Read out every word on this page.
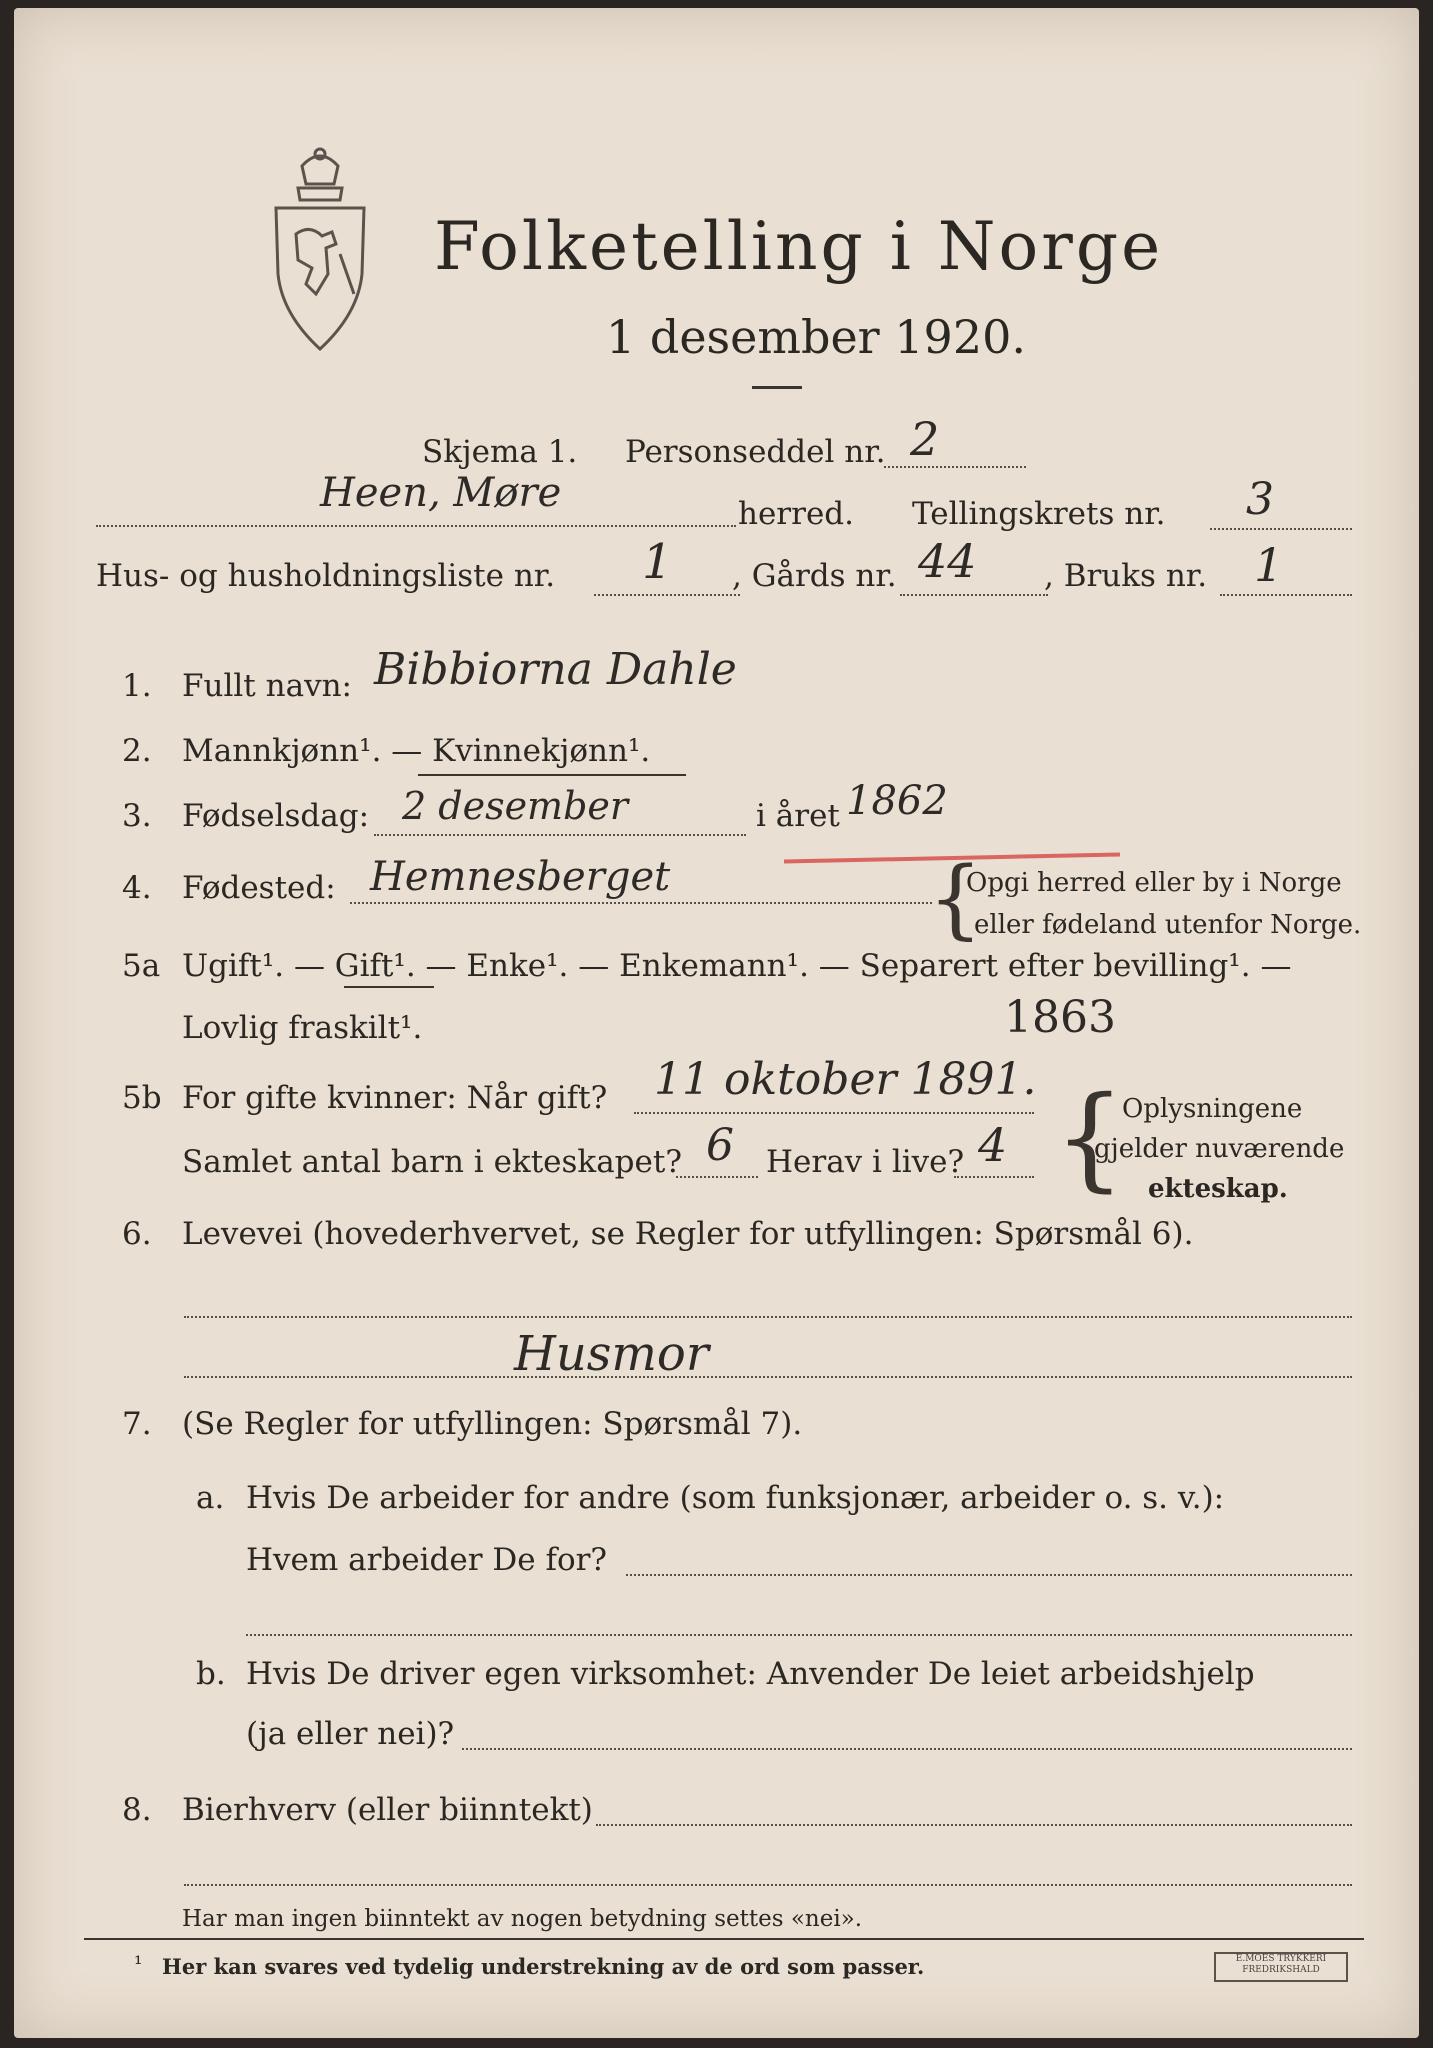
Folketelling i Norge
1 desember 1920.
Skjema 1. Personseddel nr. 2
Heen, Møre	herred. Tellingskrets nr. 3
Hus- og husholdningsliste nr. 1 , Gårds nr. 44 , Bruks nr. 1
1. Fullt navn: Bibbiorna Dahle
2. Mannkjønn¹. — Kvinnekjønn¹.
3. Fødselsdag: 2 desember	i året 1862
4. Fødested: Hemnesberget	{
Opgi herred eller by i Norge
eller fødeland utenfor Norge.
5a Ugift¹. — Gift¹. — Enke¹. — Enkemann¹. — Separert efter bevilling¹. —
Lovlig fraskilt¹.	1863
5b For gifte kvinner: Når gift? 11 oktober 1891.
Samlet antal barn i ekteskapet? 6 Herav i live? 4 {
Oplysningene
gjelder nuværende
ekteskap.
6. Levevei (hovederhvervet, se Regler for utfyllingen: Spørsmål 6).
Husmor
7. (Se Regler for utfyllingen: Spørsmål 7).
a. Hvis De arbeider for andre (som funksjonær, arbeider o. s. v.):
Hvem arbeider De for?
b. Hvis De driver egen virksomhet: Anvender De leiet arbeidshjelp
(ja eller nei)?
8. Bierhverv (eller biinntekt)
Har man ingen biinntekt av nogen betydning settes «nei».
¹ Her kan svares ved tydelig understrekning av de ord som passer.	E.MOES TRYKKERI
FREDRIKSHALD
